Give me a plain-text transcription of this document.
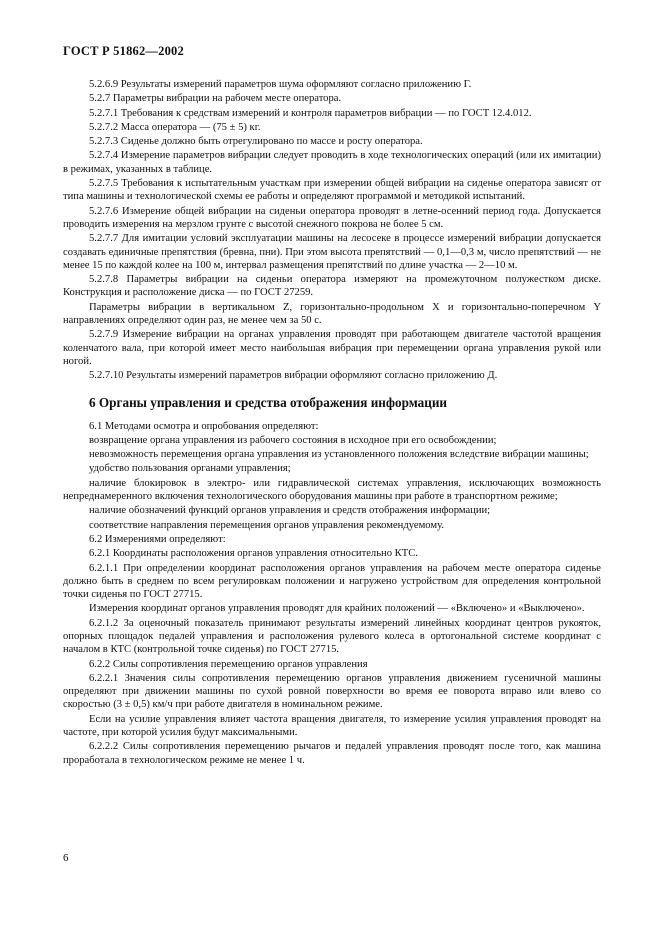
ГОСТ Р 51862—2002

5.2.6.9 Результаты измерений параметров шума оформляют согласно приложению Г.

5.2.7 Параметры вибрации на рабочем месте оператора.

5.2.7.1 Требования к средствам измерений и контроля параметров вибрации — по ГОСТ 12.4.012.

5.2.7.2 Масса оператора — (75 ± 5) кг.

5.2.7.3 Сиденье должно быть отрегулировано по массе и росту оператора.

5.2.7.4 Измерение параметров вибрации следует проводить в ходе технологических операций (или их имитации) в режимах, указанных в таблице.

5.2.7.5 Требования к испытательным участкам при измерении общей вибрации на сиденье оператора зависят от типа машины и технологической схемы ее работы и определяют программой и методикой испытаний.

5.2.7.6 Измерение общей вибрации на сиденьи оператора проводят в летне-осенний период года. Допускается проводить измерения на мерзлом грунте с высотой снежного покрова не более 5 см.

5.2.7.7 Для имитации условий эксплуатации машины на лесосеке в процессе измерений вибрации допускается создавать единичные препятствия (бревна, пни). При этом высота препятствий — 0,1—0,3 м, число препятствий — не менее 15 по каждой колее на 100 м, интервал размещения препятствий по длине участка — 2—10 м.

5.2.7.8 Параметры вибрации на сиденьи оператора измеряют на промежуточном полужестком диске. Конструкция и расположение диска — по ГОСТ 27259.

Параметры вибрации в вертикальном Z, горизонтально-продольном X и горизонтально-поперечном Y направлениях определяют один раз, не менее чем за 50 с.

5.2.7.9 Измерение вибрации на органах управления проводят при работающем двигателе частотой вращения коленчатого вала, при которой имеет место наибольшая вибрация при перемещении органа управления рукой или ногой.

5.2.7.10 Результаты измерений параметров вибрации оформляют согласно приложению Д.

6 Органы управления и средства отображения информации

6.1 Методами осмотра и опробования определяют:

возвращение органа управления из рабочего состояния в исходное при его освобождении;

невозможность перемещения органа управления из установленного положения вследствие вибрации машины;

удобство пользования органами управления;

наличие блокировок в электро- или гидравлической системах управления, исключающих возможность непреднамеренного включения технологического оборудования машины при работе в транспортном режиме;

наличие обозначений функций органов управления и средств отображения информации;

соответствие направления перемещения органов управления рекомендуемому.

6.2 Измерениями определяют:

6.2.1 Координаты расположения органов управления относительно КТС.

6.2.1.1 При определении координат расположения органов управления на рабочем месте оператора сиденье должно быть в среднем по всем регулировкам положении и нагружено устройством для определения контрольной точки сиденья по ГОСТ 27715.

Измерения координат органов управления проводят для крайних положений — «Включено» и «Выключено».

6.2.1.2 За оценочный показатель принимают результаты измерений линейных координат центров рукояток, опорных площадок педалей управления и расположения рулевого колеса в ортогональной системе координат с началом в КТС (контрольной точке сиденья) по ГОСТ 27715.

6.2.2 Силы сопротивления перемещению органов управления

6.2.2.1 Значения силы сопротивления перемещению органов управления движением гусеничной машины определяют при движении машины по сухой ровной поверхности во время ее поворота вправо или влево со скоростью (3 ± 0,5) км/ч при работе двигателя в номинальном режиме.

Если на усилие управления влияет частота вращения двигателя, то измерение усилия управления проводят на частоте, при которой усилия будут максимальными.

6.2.2.2 Силы сопротивления перемещению рычагов и педалей управления проводят после того, как машина проработала в технологическом режиме не менее 1 ч.

6
